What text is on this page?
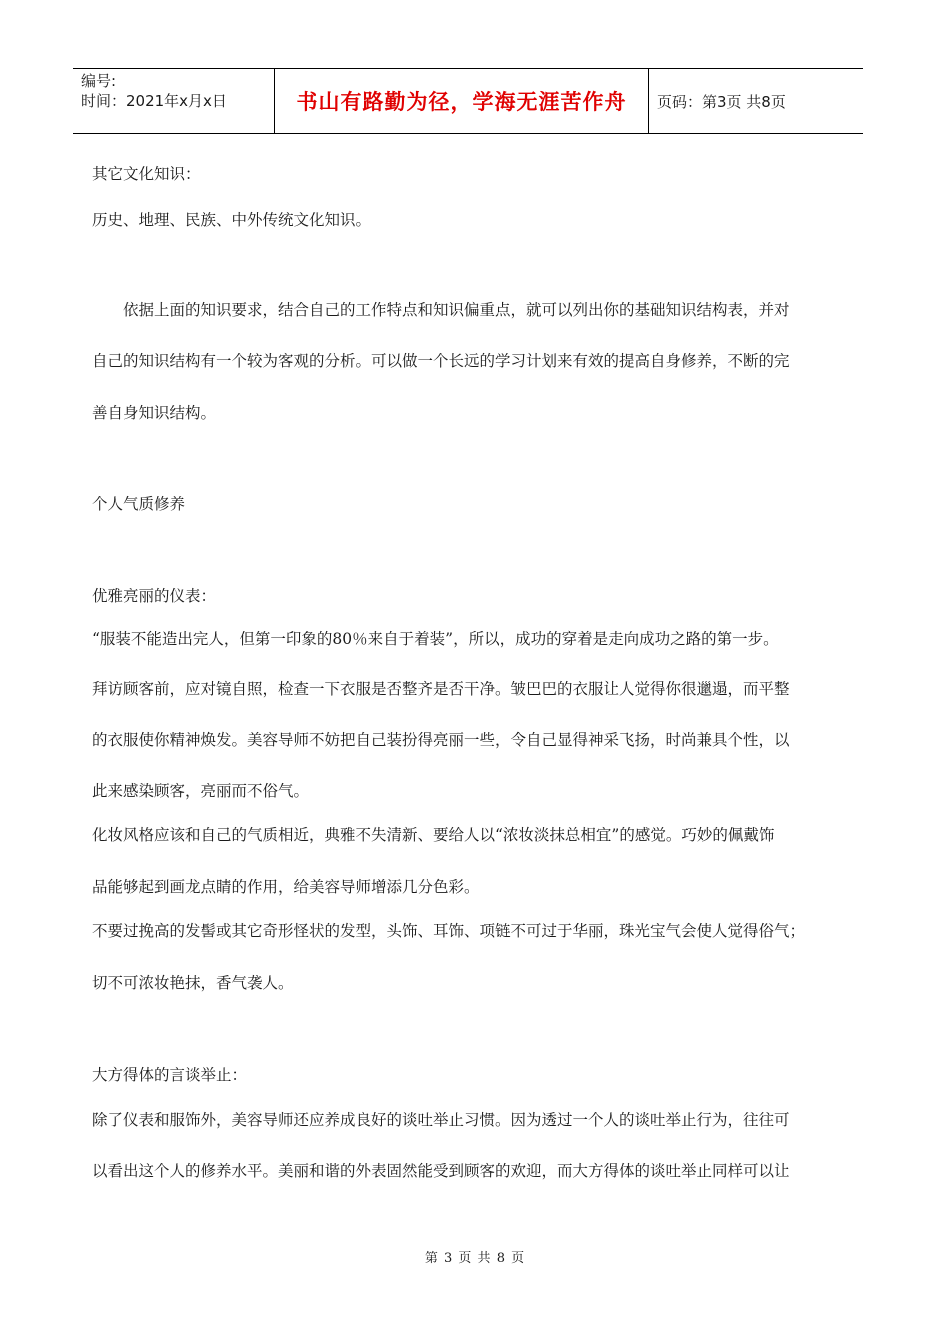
编号:
时间：2021年x月x日	书山有路勤为径，学海无涯苦作舟	页码：第3页 共8页

其它文化知识：

历史、地理、民族、中外传统文化知识。

依据上面的知识要求，结合自己的工作特点和知识偏重点，就可以列出你的基础知识结构表，并对

自己的知识结构有一个较为客观的分析。可以做一个长远的学习计划来有效的提高自身修养，不断的完

善自身知识结构。

个人气质修养

优雅亮丽的仪表：

“服装不能造出完人，但第一印象的80％来自于着装”，所以，成功的穿着是走向成功之路的第一步。

拜访顾客前，应对镜自照，检查一下衣服是否整齐是否干净。皱巴巴的衣服让人觉得你很邋遢，而平整

的衣服使你精神焕发。美容导师不妨把自己装扮得亮丽一些，令自己显得神采飞扬，时尚兼具个性，以

此来感染顾客，亮丽而不俗气。

化妆风格应该和自己的气质相近，典雅不失清新、要给人以“浓妆淡抹总相宜”的感觉。巧妙的佩戴饰

品能够起到画龙点睛的作用，给美容导师增添几分色彩。

不要过挽高的发髻或其它奇形怪状的发型，头饰、耳饰、项链不可过于华丽，珠光宝气会使人觉得俗气；

切不可浓妆艳抹，香气袭人。

大方得体的言谈举止：

除了仪表和服饰外，美容导师还应养成良好的谈吐举止习惯。因为透过一个人的谈吐举止行为，往往可

以看出这个人的修养水平。美丽和谐的外表固然能受到顾客的欢迎，而大方得体的谈吐举止同样可以让

第 3 页 共 8 页
